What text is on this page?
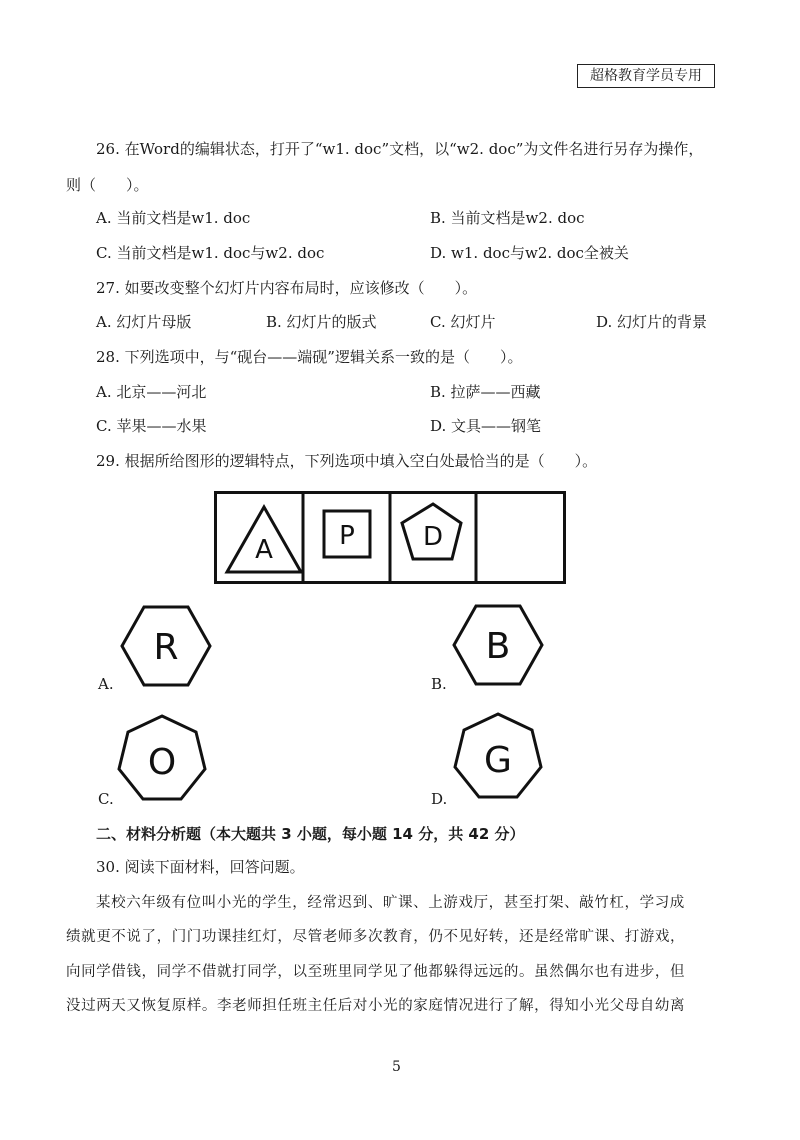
超格教育学员专用
26. 在Word的编辑状态，打开了“w1. doc”文档，以“w2. doc”为文件名进行另存为操作，
则（　　）。
A. 当前文档是w1. doc	B. 当前文档是w2. doc
C. 当前文档是w1. doc与w2. doc	D. w1. doc与w2. doc全被关
27. 如要改变整个幻灯片内容布局时，应该修改（　　）。
A. 幻灯片母版	B. 幻灯片的版式	C. 幻灯片	D. 幻灯片的背景
28. 下列选项中，与“砚台——端砚”逻辑关系一致的是（　　）。
A. 北京——河北	B. 拉萨——西藏
C. 苹果——水果	D. 文具——钢笔
29. 根据所给图形的逻辑特点，下列选项中填入空白处最恰当的是（　　）。
A	P	D
A.
R
B.
B
C.
O
D.
G
二、材料分析题（本大题共 3 小题，每小题 14 分，共 42 分）
30. 阅读下面材料，回答问题。
某校六年级有位叫小光的学生，经常迟到、旷课、上游戏厅，甚至打架、敲竹杠，学习成
绩就更不说了，门门功课挂红灯，尽管老师多次教育，仍不见好转，还是经常旷课、打游戏，
向同学借钱，同学不借就打同学，以至班里同学见了他都躲得远远的。虽然偶尔也有进步，但
没过两天又恢复原样。李老师担任班主任后对小光的家庭情况进行了解，得知小光父母自幼离
5
